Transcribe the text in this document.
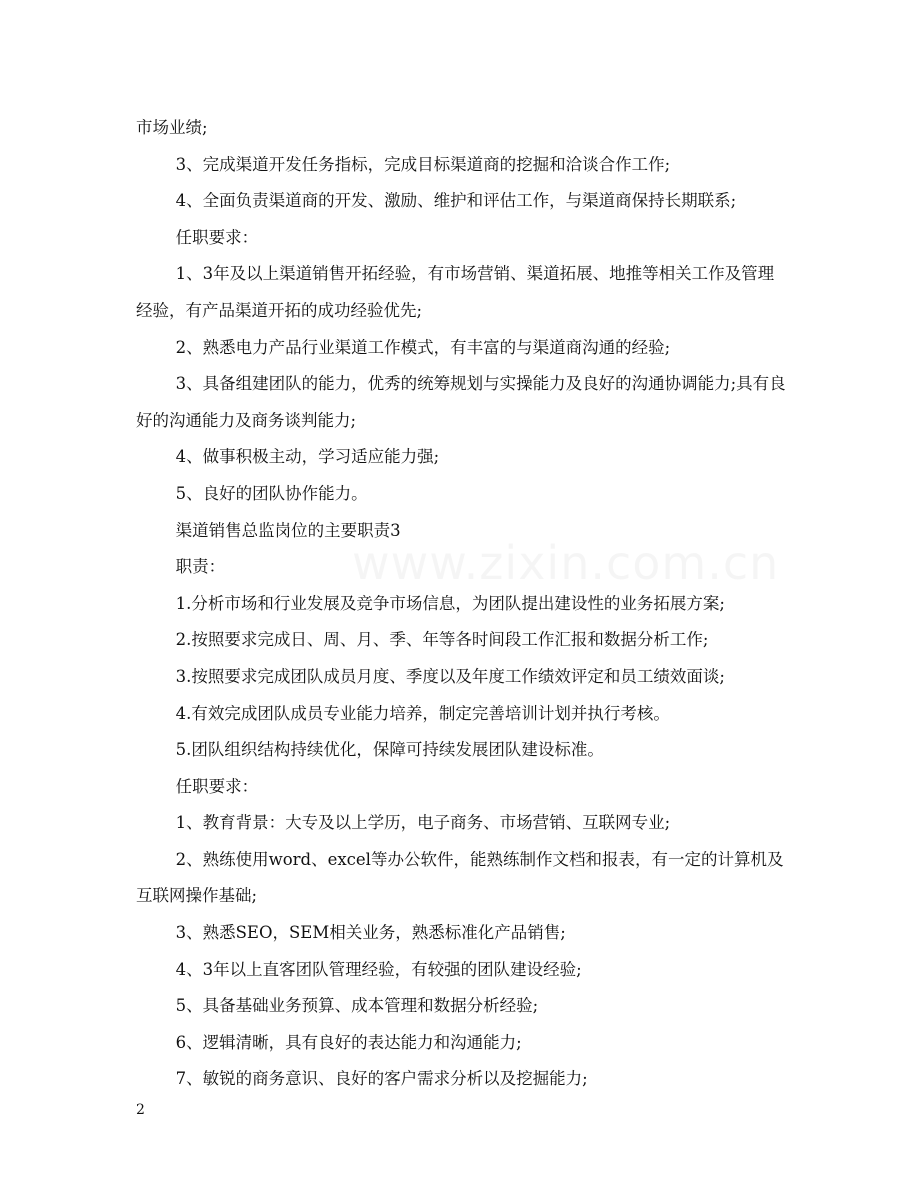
市场业绩;

3、完成渠道开发任务指标，完成目标渠道商的挖掘和洽谈合作工作;

4、全面负责渠道商的开发、激励、维护和评估工作，与渠道商保持长期联系;

任职要求：

1、3年及以上渠道销售开拓经验，有市场营销、渠道拓展、地推等相关工作及管理经验，有产品渠道开拓的成功经验优先;

2、熟悉电力产品行业渠道工作模式，有丰富的与渠道商沟通的经验;

3、具备组建团队的能力，优秀的统筹规划与实操能力及良好的沟通协调能力;具有良好的沟通能力及商务谈判能力;

4、做事积极主动，学习适应能力强;

5、良好的团队协作能力。

渠道销售总监岗位的主要职责3

职责：

1.分析市场和行业发展及竞争市场信息，为团队提出建设性的业务拓展方案;

2.按照要求完成日、周、月、季、年等各时间段工作汇报和数据分析工作;

3.按照要求完成团队成员月度、季度以及年度工作绩效评定和员工绩效面谈;

4.有效完成团队成员专业能力培养，制定完善培训计划并执行考核。

5.团队组织结构持续优化，保障可持续发展团队建设标准。

任职要求：

1、教育背景：大专及以上学历，电子商务、市场营销、互联网专业;

2、熟练使用word、excel等办公软件，能熟练制作文档和报表，有一定的计算机及互联网操作基础;

3、熟悉SEO，SEM相关业务，熟悉标准化产品销售;

4、3年以上直客团队管理经验，有较强的团队建设经验;

5、具备基础业务预算、成本管理和数据分析经验;

6、逻辑清晰，具有良好的表达能力和沟通能力;

7、敏锐的商务意识、良好的客户需求分析以及挖掘能力;

2
